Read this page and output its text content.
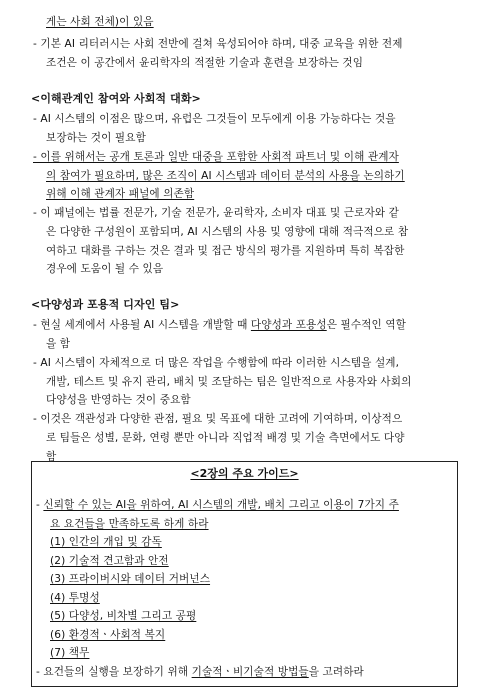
게는 사회 전체)이 있음
- 기본 AI 리터러시는 사회 전반에 걸쳐 육성되어야 하며, 대중 교육을 위한 전제
조건은 이 공간에서 윤리학자의 적절한 기술과 훈련을 보장하는 것임
<이해관계인 참여와 사회적 대화>
- AI 시스템의 이점은 많으며, 유럽은 그것들이 모두에게 이용 가능하다는 것을
보장하는 것이 필요함
- 이를 위해서는 공개 토론과 일반 대중을 포함한 사회적 파트너 및 이해 관계자
의 참여가 필요하며, 많은 조직이 AI 시스템과 데이터 분석의 사용을 논의하기
위해 이해 관계자 패널에 의존함
- 이 패널에는 법률 전문가, 기술 전문가, 윤리학자, 소비자 대표 및 근로자와 같
은 다양한 구성원이 포함되며, AI 시스템의 사용 및 영향에 대해 적극적으로 참
여하고 대화를 구하는 것은 결과 및 접근 방식의 평가를 지원하며 특히 복잡한
경우에 도움이 될 수 있음
<다양성과 포용적 디자인 팀>
- 현실 세계에서 사용될 AI 시스템을 개발할 때 다양성과 포용성은 필수적인 역할
을 함
- AI 시스템이 자체적으로 더 많은 작업을 수행함에 따라 이러한 시스템을 설계,
개발, 테스트 및 유지 관리, 배치 및 조달하는 팀은 일반적으로 사용자와 사회의
다양성을 반영하는 것이 중요함
- 이것은 객관성과 다양한 관점, 필요 및 목표에 대한 고려에 기여하며, 이상적으
로 팀들은 성별, 문화, 연령 뿐만 아니라 직업적 배경 및 기술 측면에서도 다양
함
<2장의 주요 가이드>
- 신뢰할 수 있는 AI을 위하여, AI 시스템의 개발, 배치 그리고 이용이 7가지 주
요 요건들을 만족하도록 하게 하라
(1) 인간의 개입 및 감독
(2) 기술적 견고함과 안전
(3) 프라이버시와 데이터 거버넌스
(4) 투명성
(5) 다양성, 비차별 그리고 공평
(6) 환경적ㆍ사회적 복지
(7) 책무
- 요건들의 실행을 보장하기 위해 기술적ㆍ비기술적 방법들을 고려하라
